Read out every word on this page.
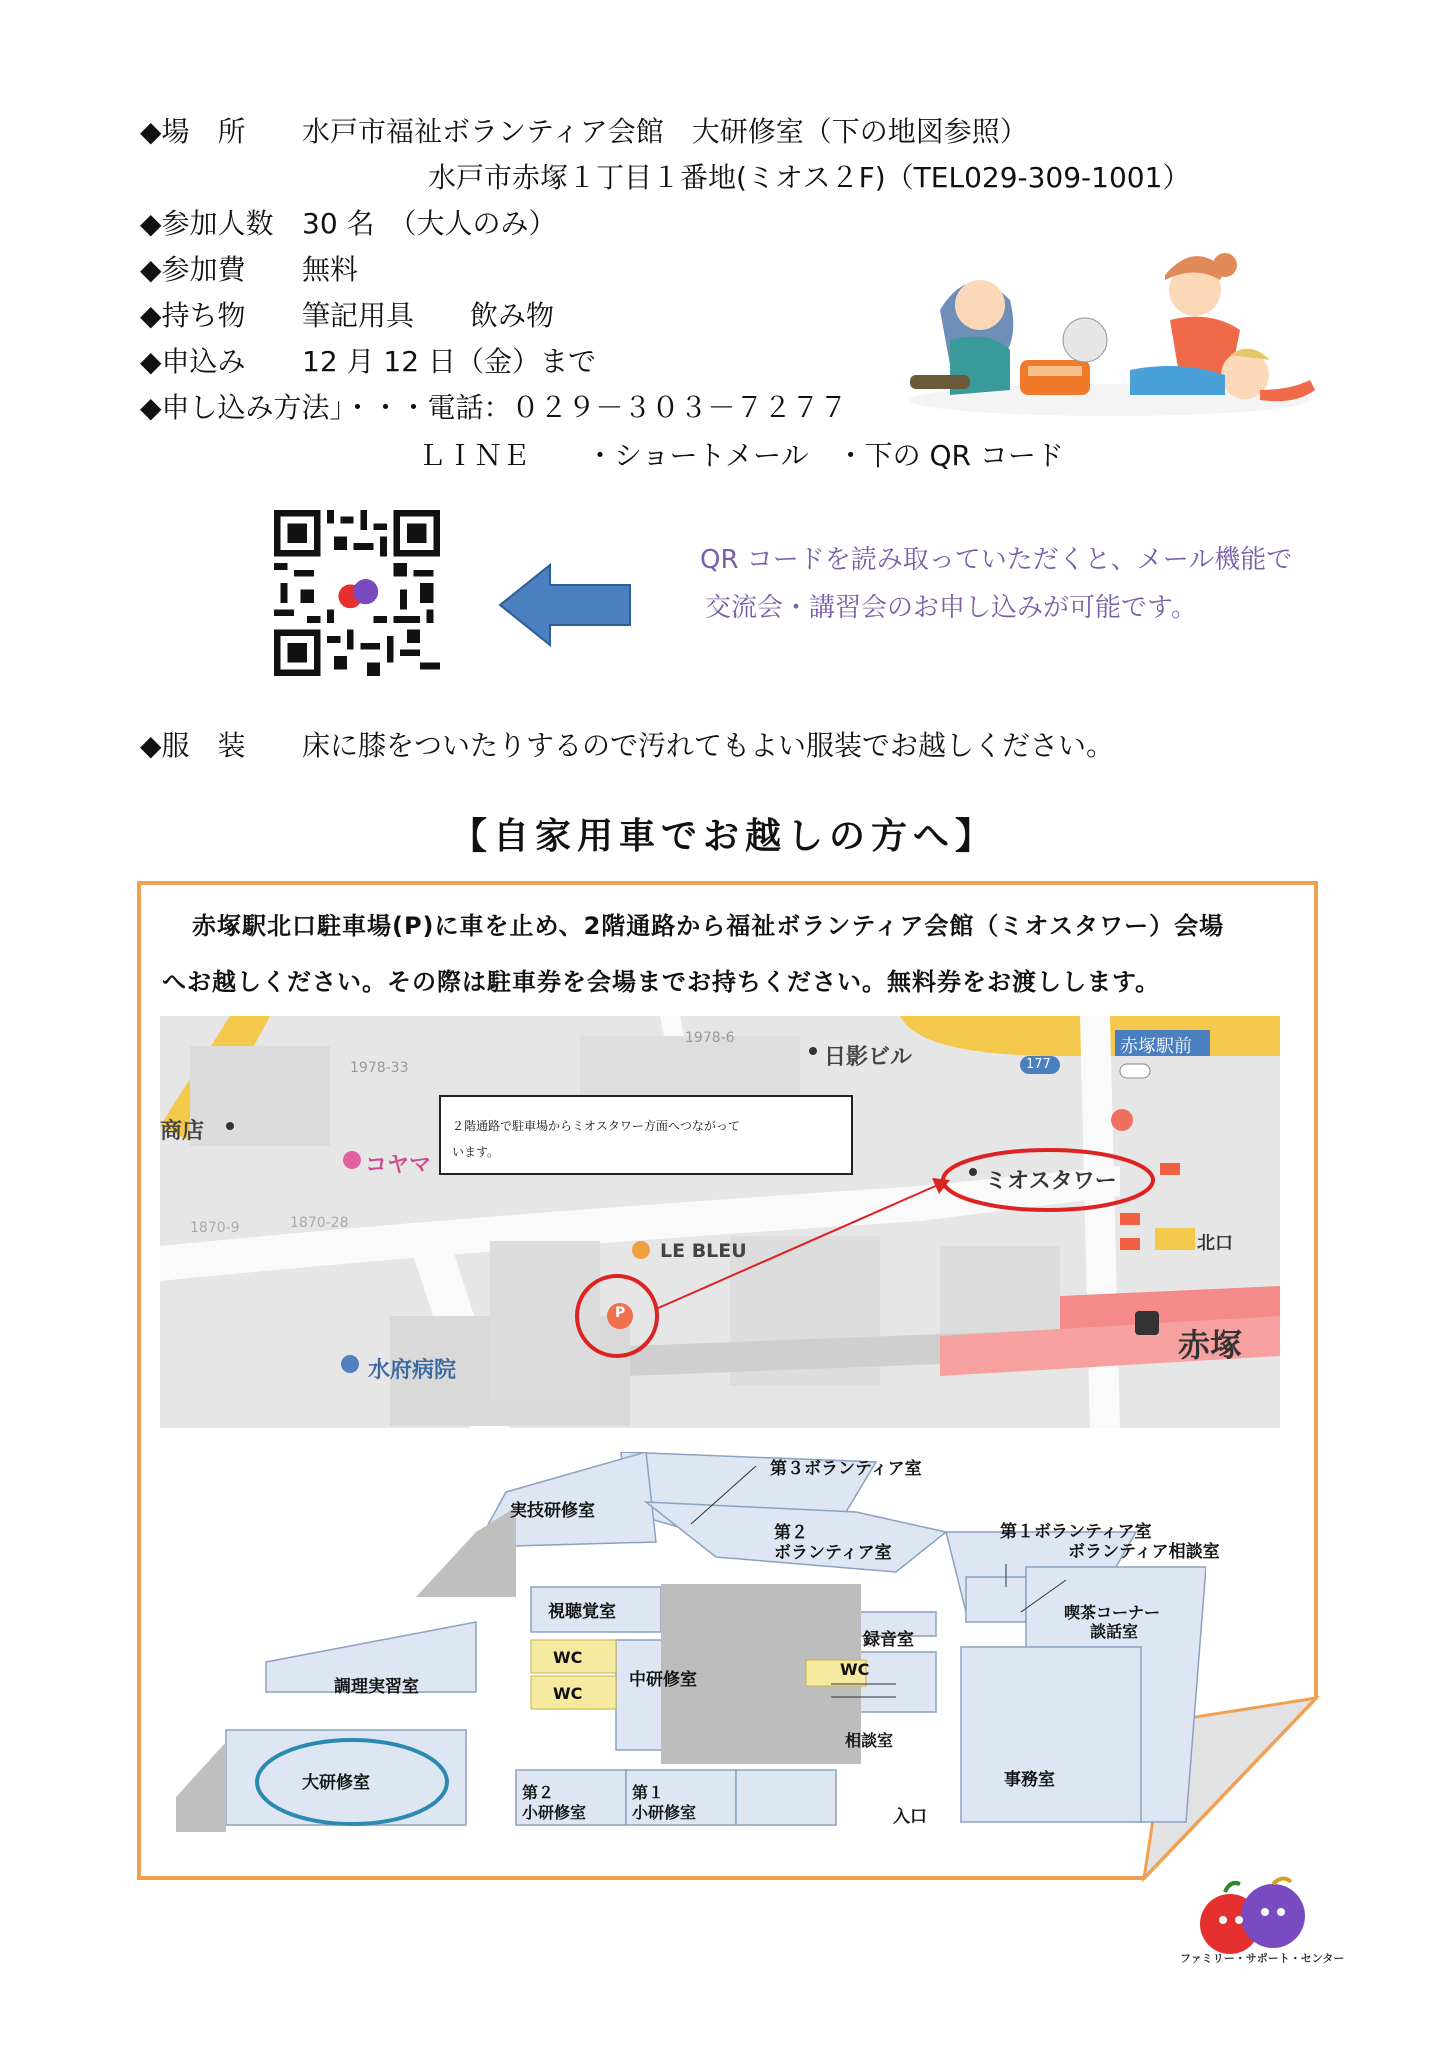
◆場　所 水戸市福祉ボランティア会館　大研修室（下の地図参照）
水戸市赤塚１丁目１番地(ミオス２F)（TEL029-309-1001）
◆参加人数 30 名　（大人のみ）
◆参加費 無料
◆持ち物 筆記用具　　飲み物
◆申込み 12 月 12 日（金）まで
◆申し込み方法」・・・電話：０２９－３０３－７２７７
ＬＩＮＥ　　・ショートメール　・下の QR コード
QR コードを読み取っていただくと、メール機能で
交流会・講習会のお申し込みが可能です。
◆服　装 床に膝をついたりするので汚れてもよい服装でお越しください。
【自家用車でお越しの方へ】
赤塚駅北口駐車場(P)に車を止め、2階通路から福祉ボランティア会館（ミオスタワー）会場
へお越しください。その際は駐車券を会場までお持ちください。無料券をお渡しします。
日影ビル
商店
コヤマ
ミオスタワー
LE BLEU
水府病院
赤塚
北口
赤塚駅前
177
1978-33
1978-6
1870-9	1870-28
P
２階通路で駐車場からミオスタワー方面へつながって
います。
第３ボランティア室
実技研修室
第２
ボランティア室
第１ボランティア室
ボランティア相談室
喫茶コーナー
談話室
視聴覚室
WC
WC
WC
中研修室
録音室
調理実習室
相談室
事務室
大研修室	第２
小研修室
第１
小研修室	入口
ファミリー・サポート・センター
